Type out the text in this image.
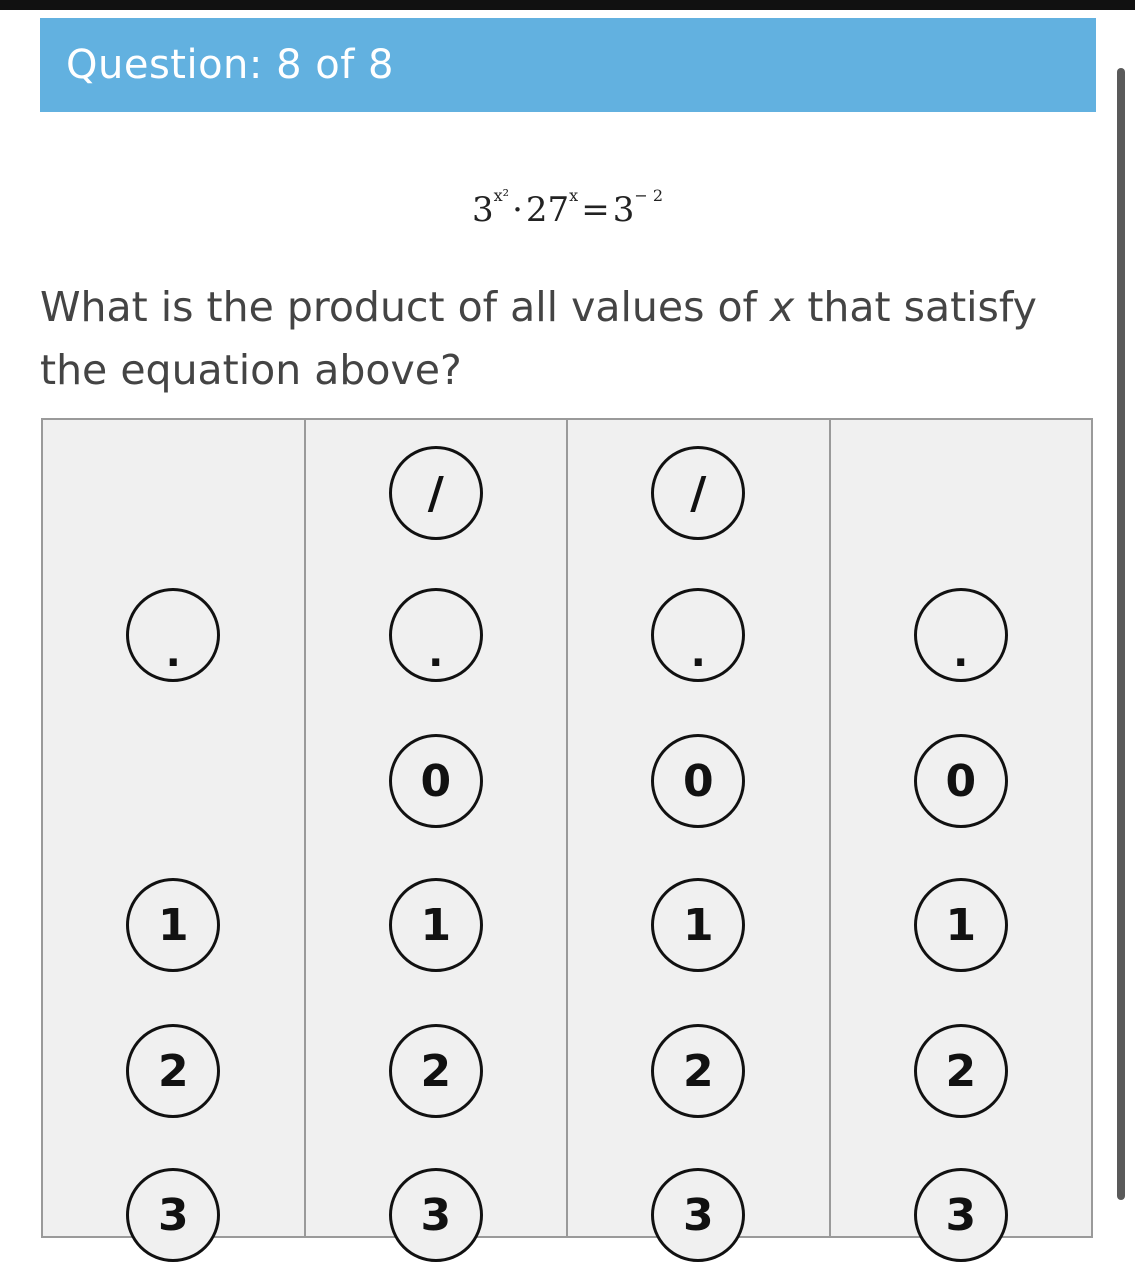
Question: 8 of 8
$3^{x^2}\cdot 27^x=3^{- 2}$
What is the product of all values of x that satisfy the equation above?
.
1
2
3
/
.
0
1
2
3
/
.
0
1
2
3
.
0
1
2
3
